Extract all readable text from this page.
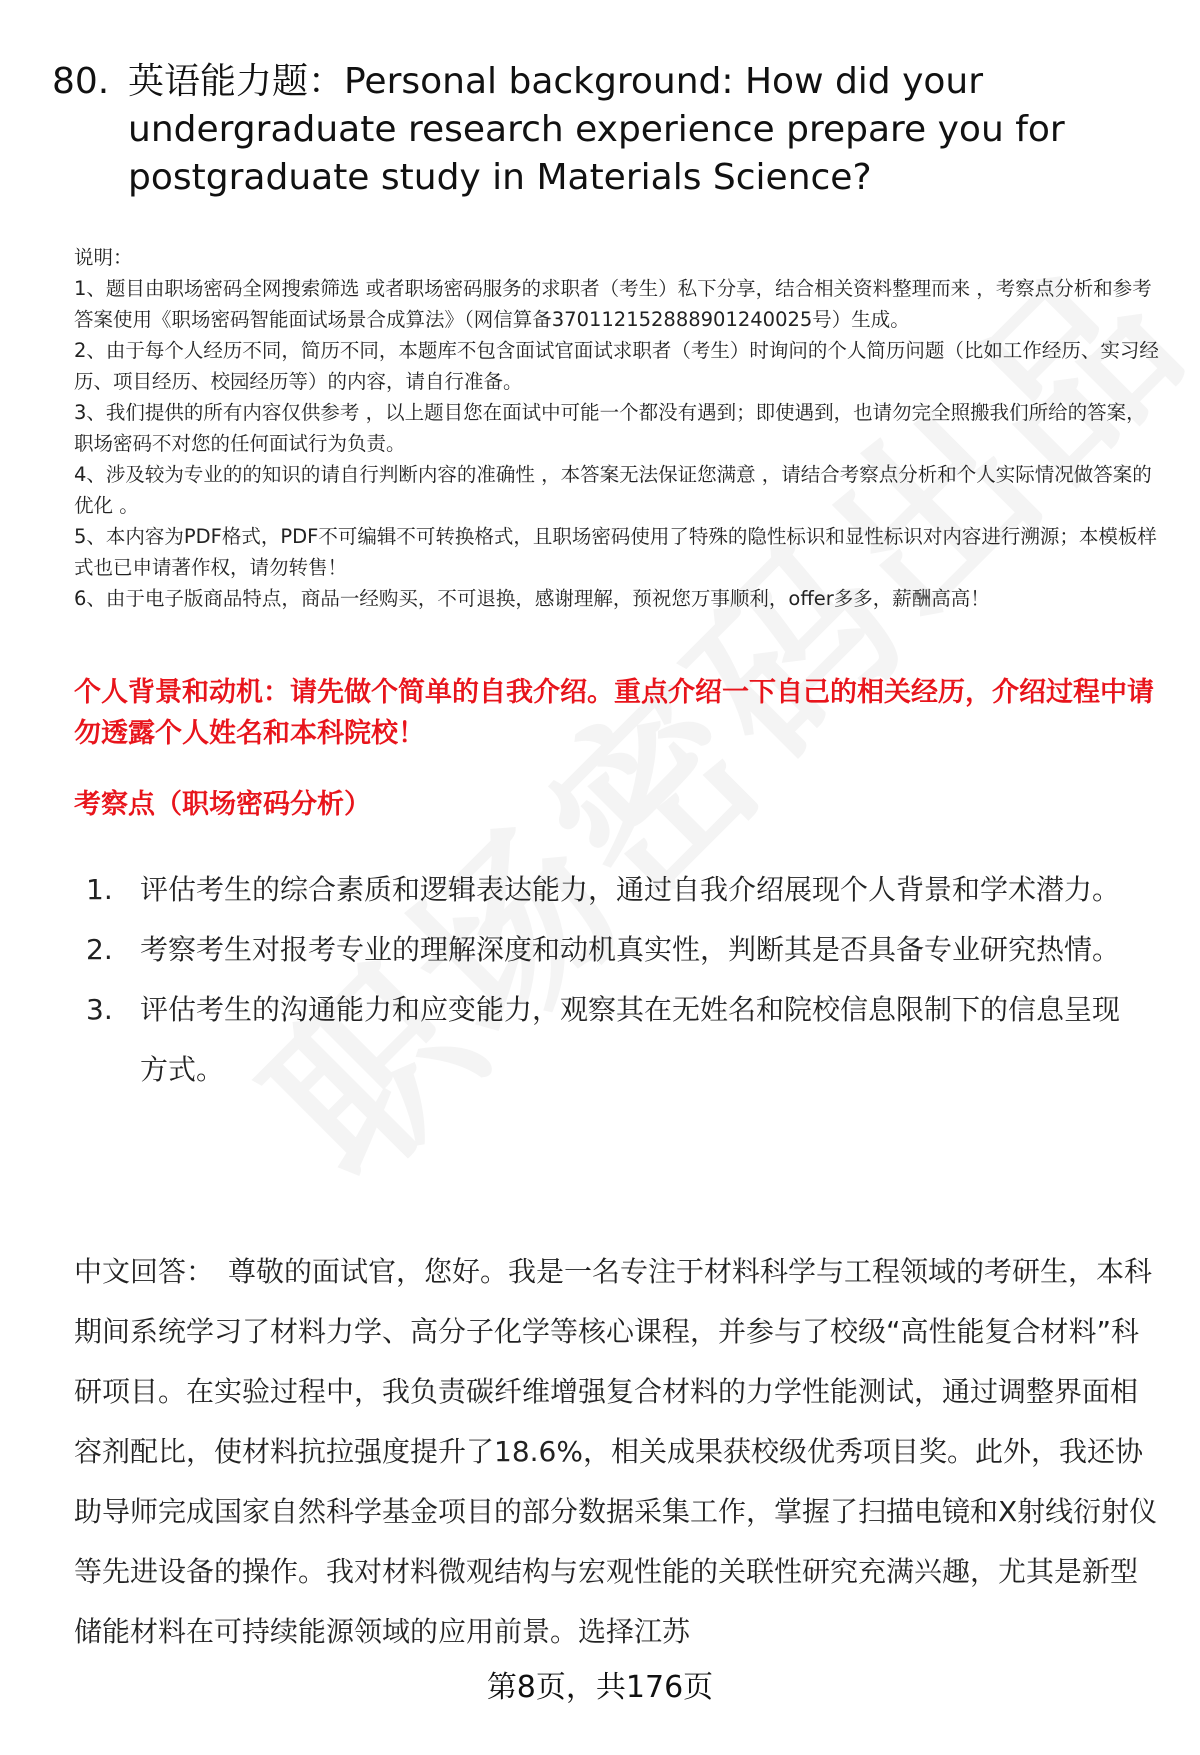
80. 英语能力题：Personal background: How did your undergraduate research experience prepare you for postgraduate study in Materials Science?

说明：

1、题目由职场密码全网搜索筛选 或者职场密码服务的求职者（考生）私下分享，结合相关资料整理而来 ，考察点分析和参考答案使用《职场密码智能面试场景合成算法》（网信算备370112152888901240025号）生成。

2、由于每个人经历不同，简历不同，本题库不包含面试官面试求职者（考生）时询问的个人简历问题（比如工作经历、实习经历、项目经历、校园经历等）的内容，请自行准备。

3、我们提供的所有内容仅供参考 ，以上题目您在面试中可能一个都没有遇到；即使遇到，也请勿完全照搬我们所给的答案，职场密码不对您的任何面试行为负责。

4、涉及较为专业的的知识的请自行判断内容的准确性 ，本答案无法保证您满意 ，请结合考察点分析和个人实际情况做答案的优化 。

5、本内容为PDF格式，PDF不可编辑不可转换格式，且职场密码使用了特殊的隐性标识和显性标识对内容进行溯源；本模板样式也已申请著作权，请勿转售！

6、由于电子版商品特点，商品一经购买，不可退换，感谢理解，预祝您万事顺利，offer多多，薪酬高高！

个人背景和动机：请先做个简单的自我介绍。重点介绍一下自己的相关经历，介绍过程中请勿透露个人姓名和本科院校！
考察点（职场密码分析）
1. 评估考生的综合素质和逻辑表达能力，通过自我介绍展现个人背景和学术潜力。
2. 考察考生对报考专业的理解深度和动机真实性，判断其是否具备专业研究热情。
3. 评估考生的沟通能力和应变能力，观察其在无姓名和院校信息限制下的信息呈现方式。

中文回答： 尊敬的面试官，您好。我是一名专注于材料科学与工程领域的考研生，本科期间系统学习了材料力学、高分子化学等核心课程，并参与了校级“高性能复合材料”科研项目。在实验过程中，我负责碳纤维增强复合材料的力学性能测试，通过调整界面相容剂配比，使材料抗拉强度提升了18.6%，相关成果获校级优秀项目奖。此外，我还协助导师完成国家自然科学基金项目的部分数据采集工作，掌握了扫描电镜和X射线衍射仪等先进设备的操作。我对材料微观结构与宏观性能的关联性研究充满兴趣，尤其是新型储能材料在可持续能源领域的应用前景。选择江苏

第8页，共176页
